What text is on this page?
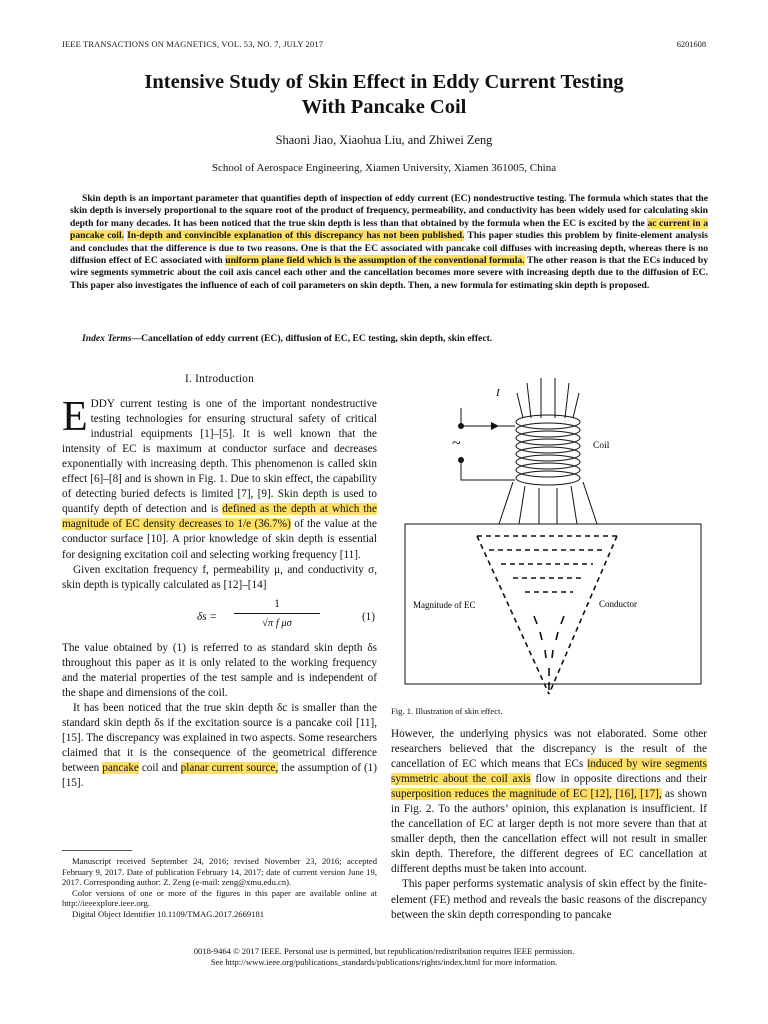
IEEE TRANSACTIONS ON MAGNETICS, VOL. 53, NO. 7, JULY 2017	6201608
Intensive Study of Skin Effect in Eddy Current Testing
With Pancake Coil
Shaoni Jiao, Xiaohua Liu, and Zhiwei Zeng
School of Aerospace Engineering, Xiamen University, Xiamen 361005, China

Skin depth is an important parameter that quantifies depth of inspection of eddy current (EC) nondestructive testing. The formula which states that the skin depth is inversely proportional to the square root of the product of frequency, permeability, and conductivity has been widely used for calculating skin depth for many decades. It has been noticed that the true skin depth is less than that obtained by the formula when the EC is excited by the ac current in a pancake coil. In-depth and convincible explanation of this discrepancy has not been published. This paper studies this problem by finite-element analysis and concludes that the difference is due to two reasons. One is that the EC associated with pancake coil diffuses with increasing depth, whereas there is no diffusion effect of EC associated with uniform plane field which is the assumption of the conventional formula. The other reason is that the ECs induced by wire segments symmetric about the coil axis cancel each other and the cancellation becomes more severe with increasing depth due to the diffusion of EC. This paper also investigates the influence of each of coil parameters on skin depth. Then, a new formula for estimating skin depth is proposed.

Index Terms—Cancellation of eddy current (EC), diffusion of EC, EC testing, skin depth, skin effect.

I. Introduction

EDDY current testing is one of the important nondestructive testing technologies for ensuring structural safety of critical industrial equipments [1]–[5]. It is well known that the intensity of EC is maximum at conductor surface and decreases exponentially with increasing depth. This phenomenon is called skin effect [6]–[8] and is shown in Fig. 1. Due to skin effect, the capability of detecting buried defects is limited [7], [9]. Skin depth is used to quantify depth of detection and is defined as the depth at which the magnitude of EC density decreases to 1/e (36.7%) of the value at the conductor surface [10]. A prior knowledge of skin depth is essential for designing excitation coil and selecting working frequency [11].

Given excitation frequency f, permeability μ, and conductivity σ, skin depth is typically calculated as [12]–[14]

$\delta s = \frac{1}{\text{√π f μσ}}$	(1)

The value obtained by (1) is referred to as standard skin depth δs throughout this paper as it is only related to the working frequency and the material properties of the test sample and is independent of the shape and dimensions of the coil.

It has been noticed that the true skin depth δc is smaller than the standard skin depth δs if the excitation source is a pancake coil [11], [15]. The discrepancy was explained in two aspects. Some researchers claimed that it is the consequence of the geometrical difference between pancake coil and planar current source, the assumption of (1) [15].

Manuscript received September 24, 2016; revised November 23, 2016; accepted February 9, 2017. Date of publication February 14, 2017; date of current version June 19, 2017. Corresponding author: Z. Zeng (e-mail: zeng@xmu.edu.cn).

Color versions of one or more of the figures in this paper are available online at http://ieeexplore.ieee.org.

Digital Object Identifier 10.1109/TMAG.2017.2669181

~
I
Coil
Magnitude of EC	Conductor
Fig. 1. Illustration of skin effect.

However, the underlying physics was not elaborated. Some other researchers believed that the discrepancy is the result of the cancellation of EC which means that ECs induced by wire segments symmetric about the coil axis flow in opposite directions and their superposition reduces the magnitude of EC [12], [16], [17], as shown in Fig. 2. To the authors’ opinion, this explanation is insufficient. If the cancellation of EC at larger depth is not more severe than that at smaller depth, then the cancellation effect will not result in smaller skin depth. Therefore, the different degrees of EC cancellation at different depths must be taken into account.

This paper performs systematic analysis of skin effect by the finite-element (FE) method and reveals the basic reasons of the discrepancy between the skin depth corresponding to pancake

0018-9464 © 2017 IEEE. Personal use is permitted, but republication/redistribution requires IEEE permission.
See http://www.ieee.org/publications_standards/publications/rights/index.html for more information.
